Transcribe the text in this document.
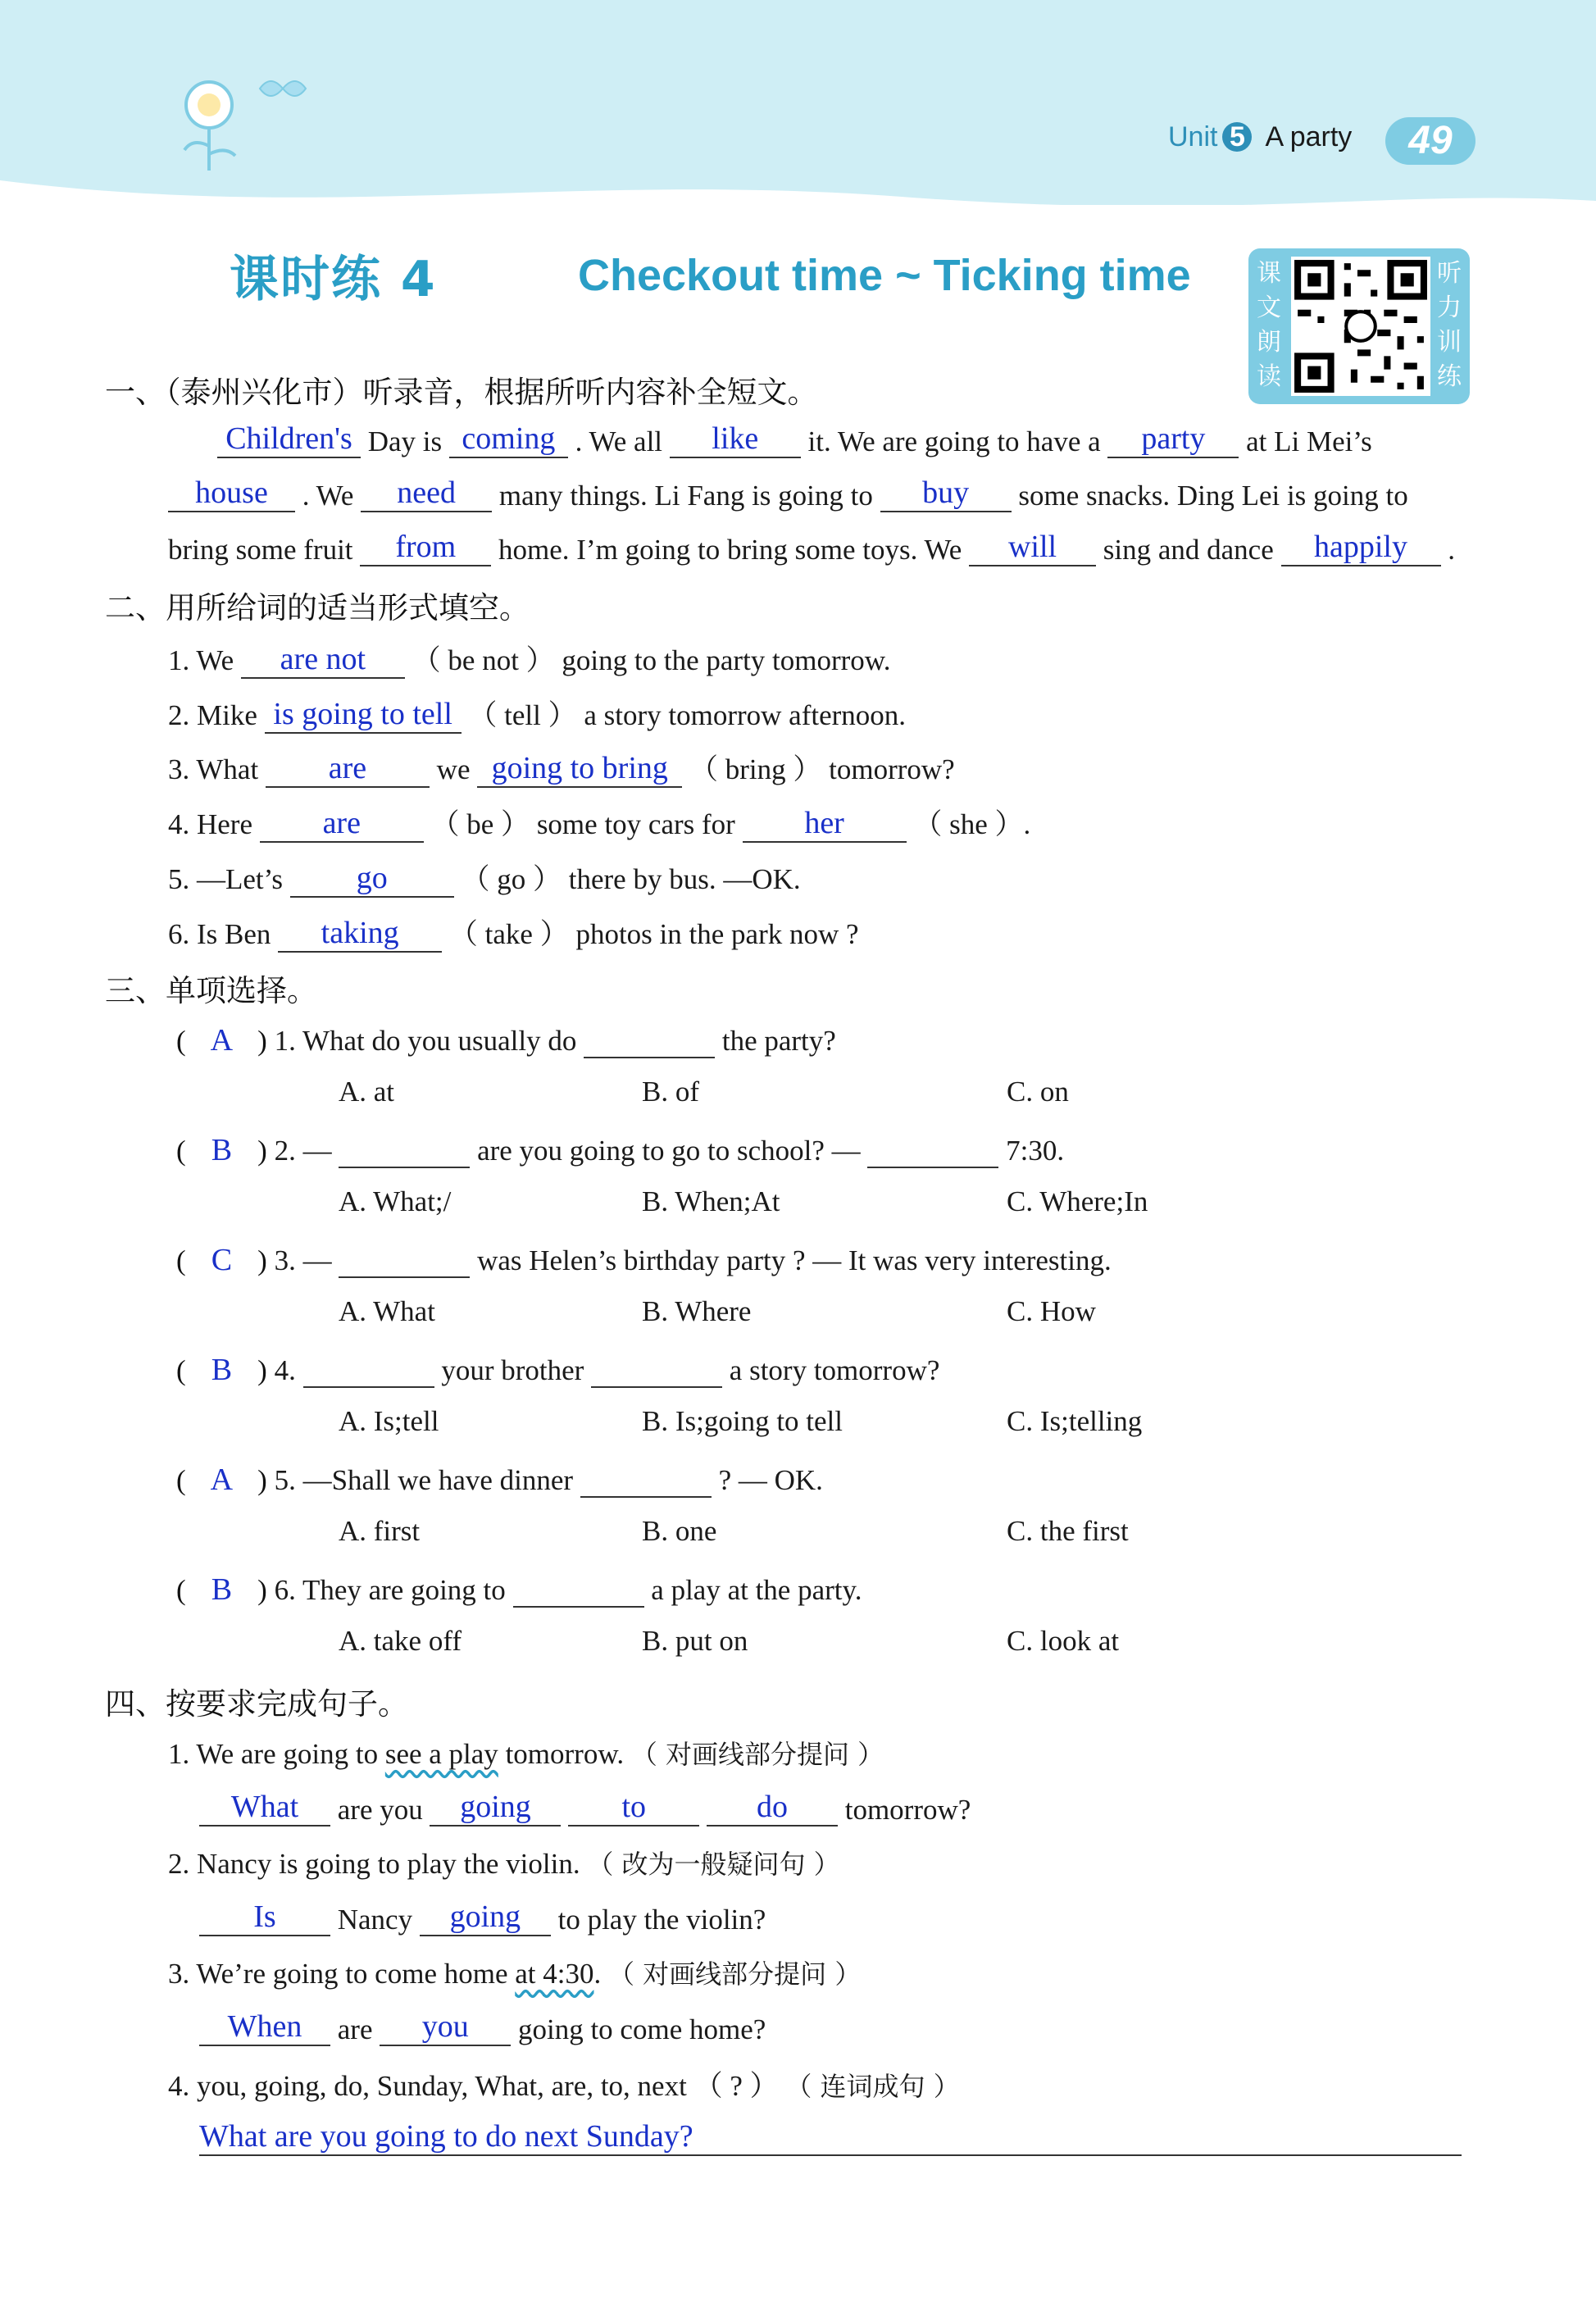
Unit 5 A party	49
课时练 4	Checkout time ~ Ticking time	课
文
朗
读
听
力
训
练
一、（泰州兴化市）听录音，根据所听内容补全短文。
Children's Day is coming . We all like it. We are going to have a party at Li Mei’s
house . We need many things. Li Fang is going to buy some snacks. Ding Lei is going to
bring some fruit from home. I’m going to bring some toys. We will sing and dance happily .
二、用所给词的适当形式填空。
1. We are not （ be not ） going to the party tomorrow.
2. Mike is going to tell （ tell ） a story tomorrow afternoon.
3. What are we going to bring （ bring ） tomorrow?
4. Here are （ be ） some toy cars for her （ she ）.
5. —Let’s go	（ go ） there by bus. —OK.
6. Is Ben taking （ take ） photos in the park now ?
三、单项选择。
( A ) 1. What do you usually do	the party?
A. at	B. of	C. on
( B ) 2. —	are you going to go to school? —	7:30.
A. What;/	B. When;At	C. Where;In
( C ) 3. —	was Helen’s birthday party ? — It was very interesting.
A. What	B. Where	C. How
( B ) 4.	your brother	a story tomorrow?
A. Is;tell	B. Is;going to tell	C. Is;telling
( A ) 5. —Shall we have dinner	? — OK.
A. first	B. one	C. the first
( B ) 6. They are going to	a play at the party.
A. take off	B. put on	C. look at
四、按要求完成句子。
1. We are going to see a play tomorrow. （ 对画线部分提问 ）
What are you going	to	do tomorrow?
2. Nancy is going to play the violin. （ 改为一般疑问句 ）
Is Nancy going to play the violin?
3. We’re going to come home at 4:30. （ 对画线部分提问 ）
When are you going to come home?
4. you, going, do, Sunday, What, are, to, next （ ? ） （ 连词成句 ）
What are you going to do next Sunday?
